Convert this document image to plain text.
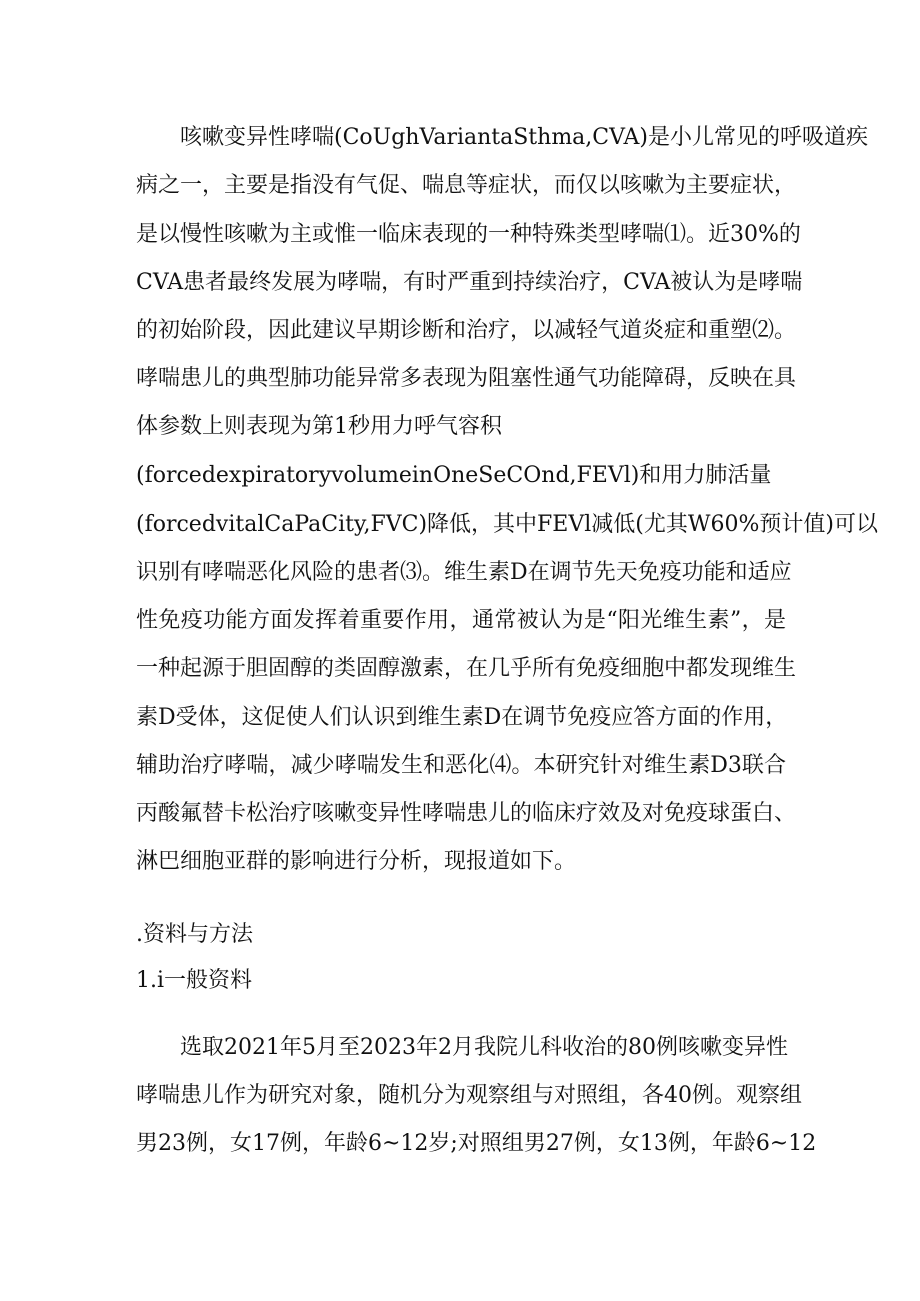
咳嗽变异性哮喘(CoUghVariantaSthma,CVA)是小儿常见的呼吸道疾
病之一，主要是指没有气促、喘息等症状，而仅以咳嗽为主要症状，
是以慢性咳嗽为主或惟一临床表现的一种特殊类型哮喘⑴。近30%的
CVA患者最终发展为哮喘，有时严重到持续治疗，CVA被认为是哮喘
的初始阶段，因此建议早期诊断和治疗，以减轻气道炎症和重塑⑵。
哮喘患儿的典型肺功能异常多表现为阻塞性通气功能障碍，反映在具
体参数上则表现为第1秒用力呼气容积
(forcedexpiratoryvolumeinOneSeCOnd,FEVl)和用力肺活量
(forcedvitalCaPaCity,FVC)降低，其中FEVl减低(尤其W60%预计值)可以
识别有哮喘恶化风险的患者⑶。维生素D在调节先天免疫功能和适应
性免疫功能方面发挥着重要作用，通常被认为是“阳光维生素”，是
一种起源于胆固醇的类固醇激素，在几乎所有免疫细胞中都发现维生
素D受体，这促使人们认识到维生素D在调节免疫应答方面的作用，
辅助治疗哮喘，减少哮喘发生和恶化⑷。本研究针对维生素D3联合
丙酸氟替卡松治疗咳嗽变异性哮喘患儿的临床疗效及对免疫球蛋白、
淋巴细胞亚群的影响进行分析，现报道如下。
.资料与方法
1.i一般资料
选取2021年5月至2023年2月我院儿科收治的80例咳嗽变异性
哮喘患儿作为研究对象，随机分为观察组与对照组，各40例。观察组
男23例，女17例，年龄6~12岁;对照组男27例，女13例，年龄6~12
